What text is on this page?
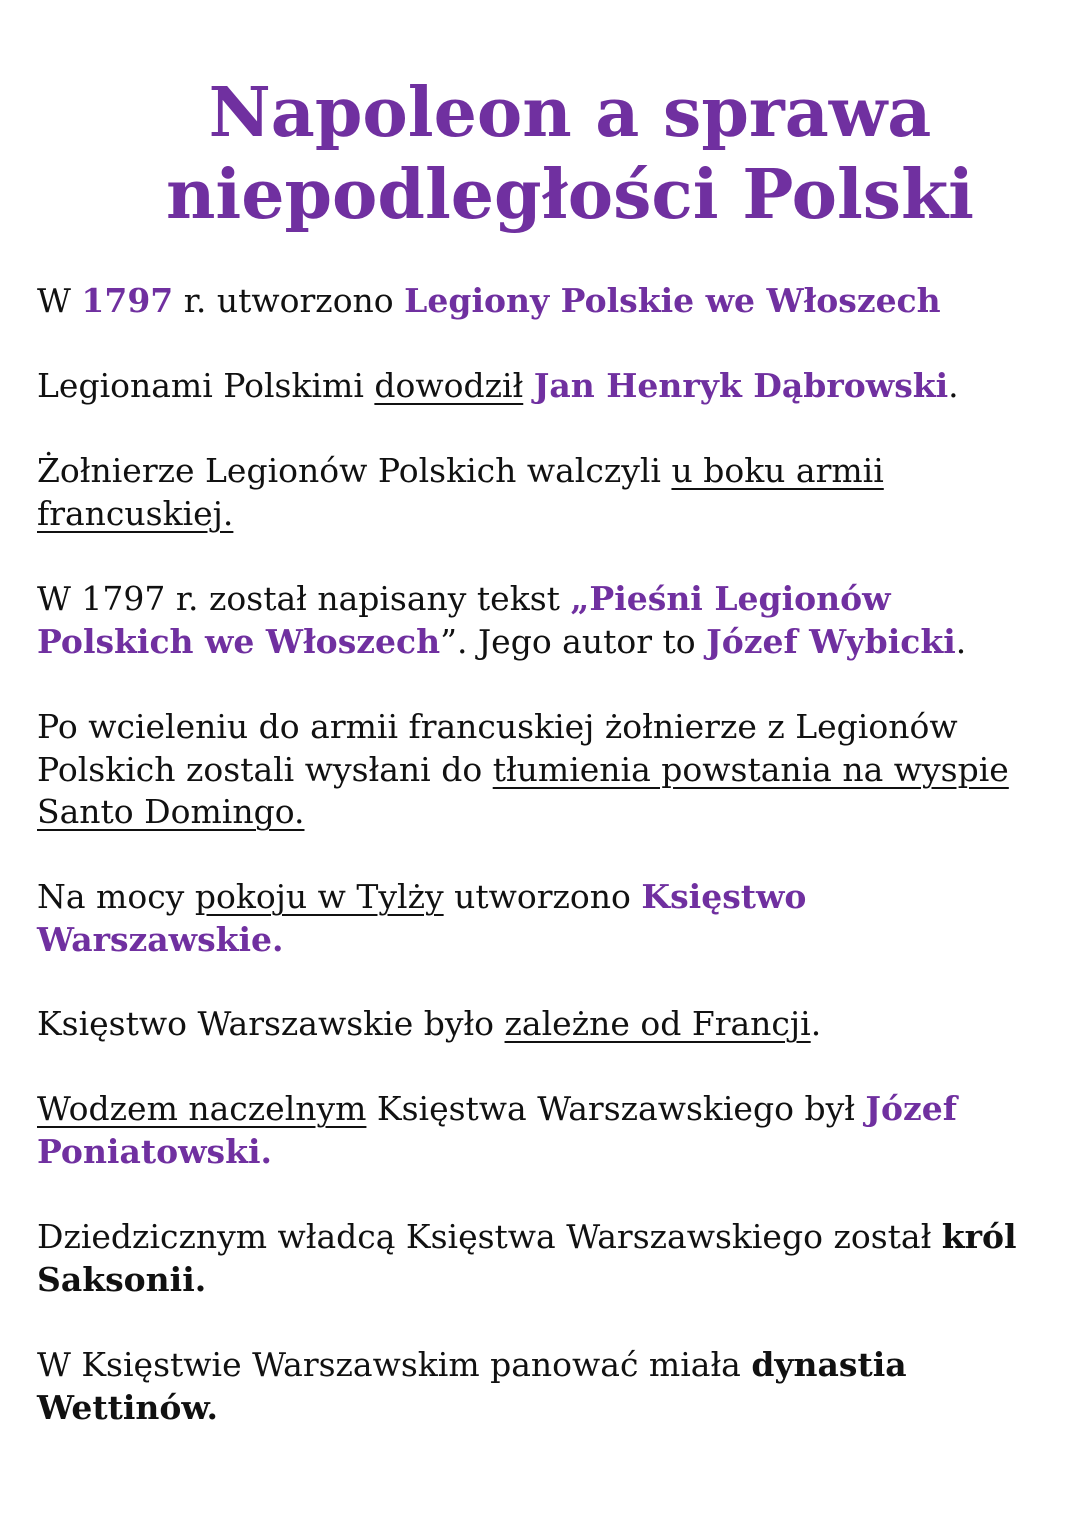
Napoleon a sprawa
niepodległości Polski

W 1797 r. utworzono Legiony Polskie we Włoszech

Legionami Polskimi dowodził Jan Henryk Dąbrowski.

Żołnierze Legionów Polskich walczyli u boku armii francuskiej.

W 1797 r. został napisany tekst „Pieśni Legionów Polskich we Włoszech”. Jego autor to Józef Wybicki.

Po wcieleniu do armii francuskiej żołnierze z Legionów Polskich zostali wysłani do tłumienia powstania na wyspie Santo Domingo.

Na mocy pokoju w Tylży utworzono Księstwo Warszawskie.

Księstwo Warszawskie było zależne od Francji.

Wodzem naczelnym Księstwa Warszawskiego był Józef Poniatowski.

Dziedzicznym władcą Księstwa Warszawskiego został król Saksonii.

W Księstwie Warszawskim panować miała dynastia Wettinów.
